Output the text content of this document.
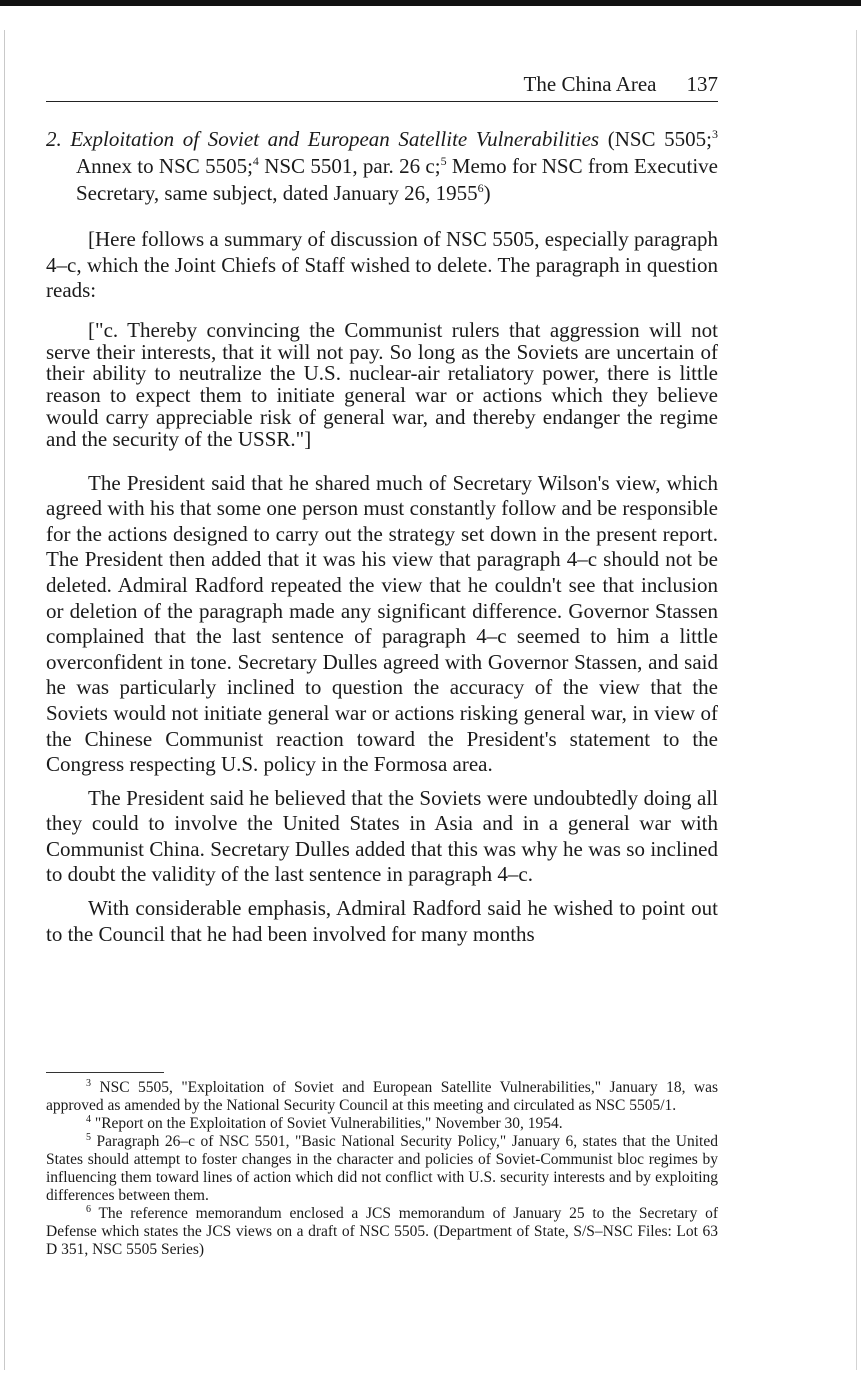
The China Area 137
2. Exploitation of Soviet and European Satellite Vulnerabilities (NSC 5505;$^3$ Annex to NSC 5505;$^4$ NSC 5501, par. 26 c;$^5$ Memo for NSC from Executive Secretary, same subject, dated January 26, 1955$^6$)

[Here follows a summary of discussion of NSC 5505, especially paragraph 4–c, which the Joint Chiefs of Staff wished to delete. The paragraph in question reads:

["c. Thereby convincing the Communist rulers that aggression will not serve their interests, that it will not pay. So long as the Soviets are uncertain of their ability to neutralize the U.S. nuclear-air retaliatory power, there is little reason to expect them to initiate general war or actions which they believe would carry appreciable risk of general war, and thereby endanger the regime and the security of the USSR."]

The President said that he shared much of Secretary Wilson's view, which agreed with his that some one person must constantly follow and be responsible for the actions designed to carry out the strategy set down in the present report. The President then added that it was his view that paragraph 4–c should not be deleted. Admiral Radford repeated the view that he couldn't see that inclusion or deletion of the paragraph made any significant difference. Governor Stassen complained that the last sentence of paragraph 4–c seemed to him a little overconfident in tone. Secretary Dulles agreed with Governor Stassen, and said he was particularly inclined to question the accuracy of the view that the Soviets would not initiate general war or actions risking general war, in view of the Chinese Communist reaction toward the President's statement to the Congress respecting U.S. policy in the Formosa area.

The President said he believed that the Soviets were undoubtedly doing all they could to involve the United States in Asia and in a general war with Communist China. Secretary Dulles added that this was why he was so inclined to doubt the validity of the last sentence in paragraph 4–c.

With considerable emphasis, Admiral Radford said he wished to point out to the Council that he had been involved for many months

$^3$ NSC 5505, "Exploitation of Soviet and European Satellite Vulnerabilities," January 18, was approved as amended by the National Security Council at this meeting and circulated as NSC 5505/1.

$^4$ "Report on the Exploitation of Soviet Vulnerabilities," November 30, 1954.

$^5$ Paragraph 26–c of NSC 5501, "Basic National Security Policy," January 6, states that the United States should attempt to foster changes in the character and policies of Soviet-Communist bloc regimes by influencing them toward lines of action which did not conflict with U.S. security interests and by exploiting differences between them.

$^6$ The reference memorandum enclosed a JCS memorandum of January 25 to the Secretary of Defense which states the JCS views on a draft of NSC 5505. (Department of State, S/S–NSC Files: Lot 63 D 351, NSC 5505 Series)
